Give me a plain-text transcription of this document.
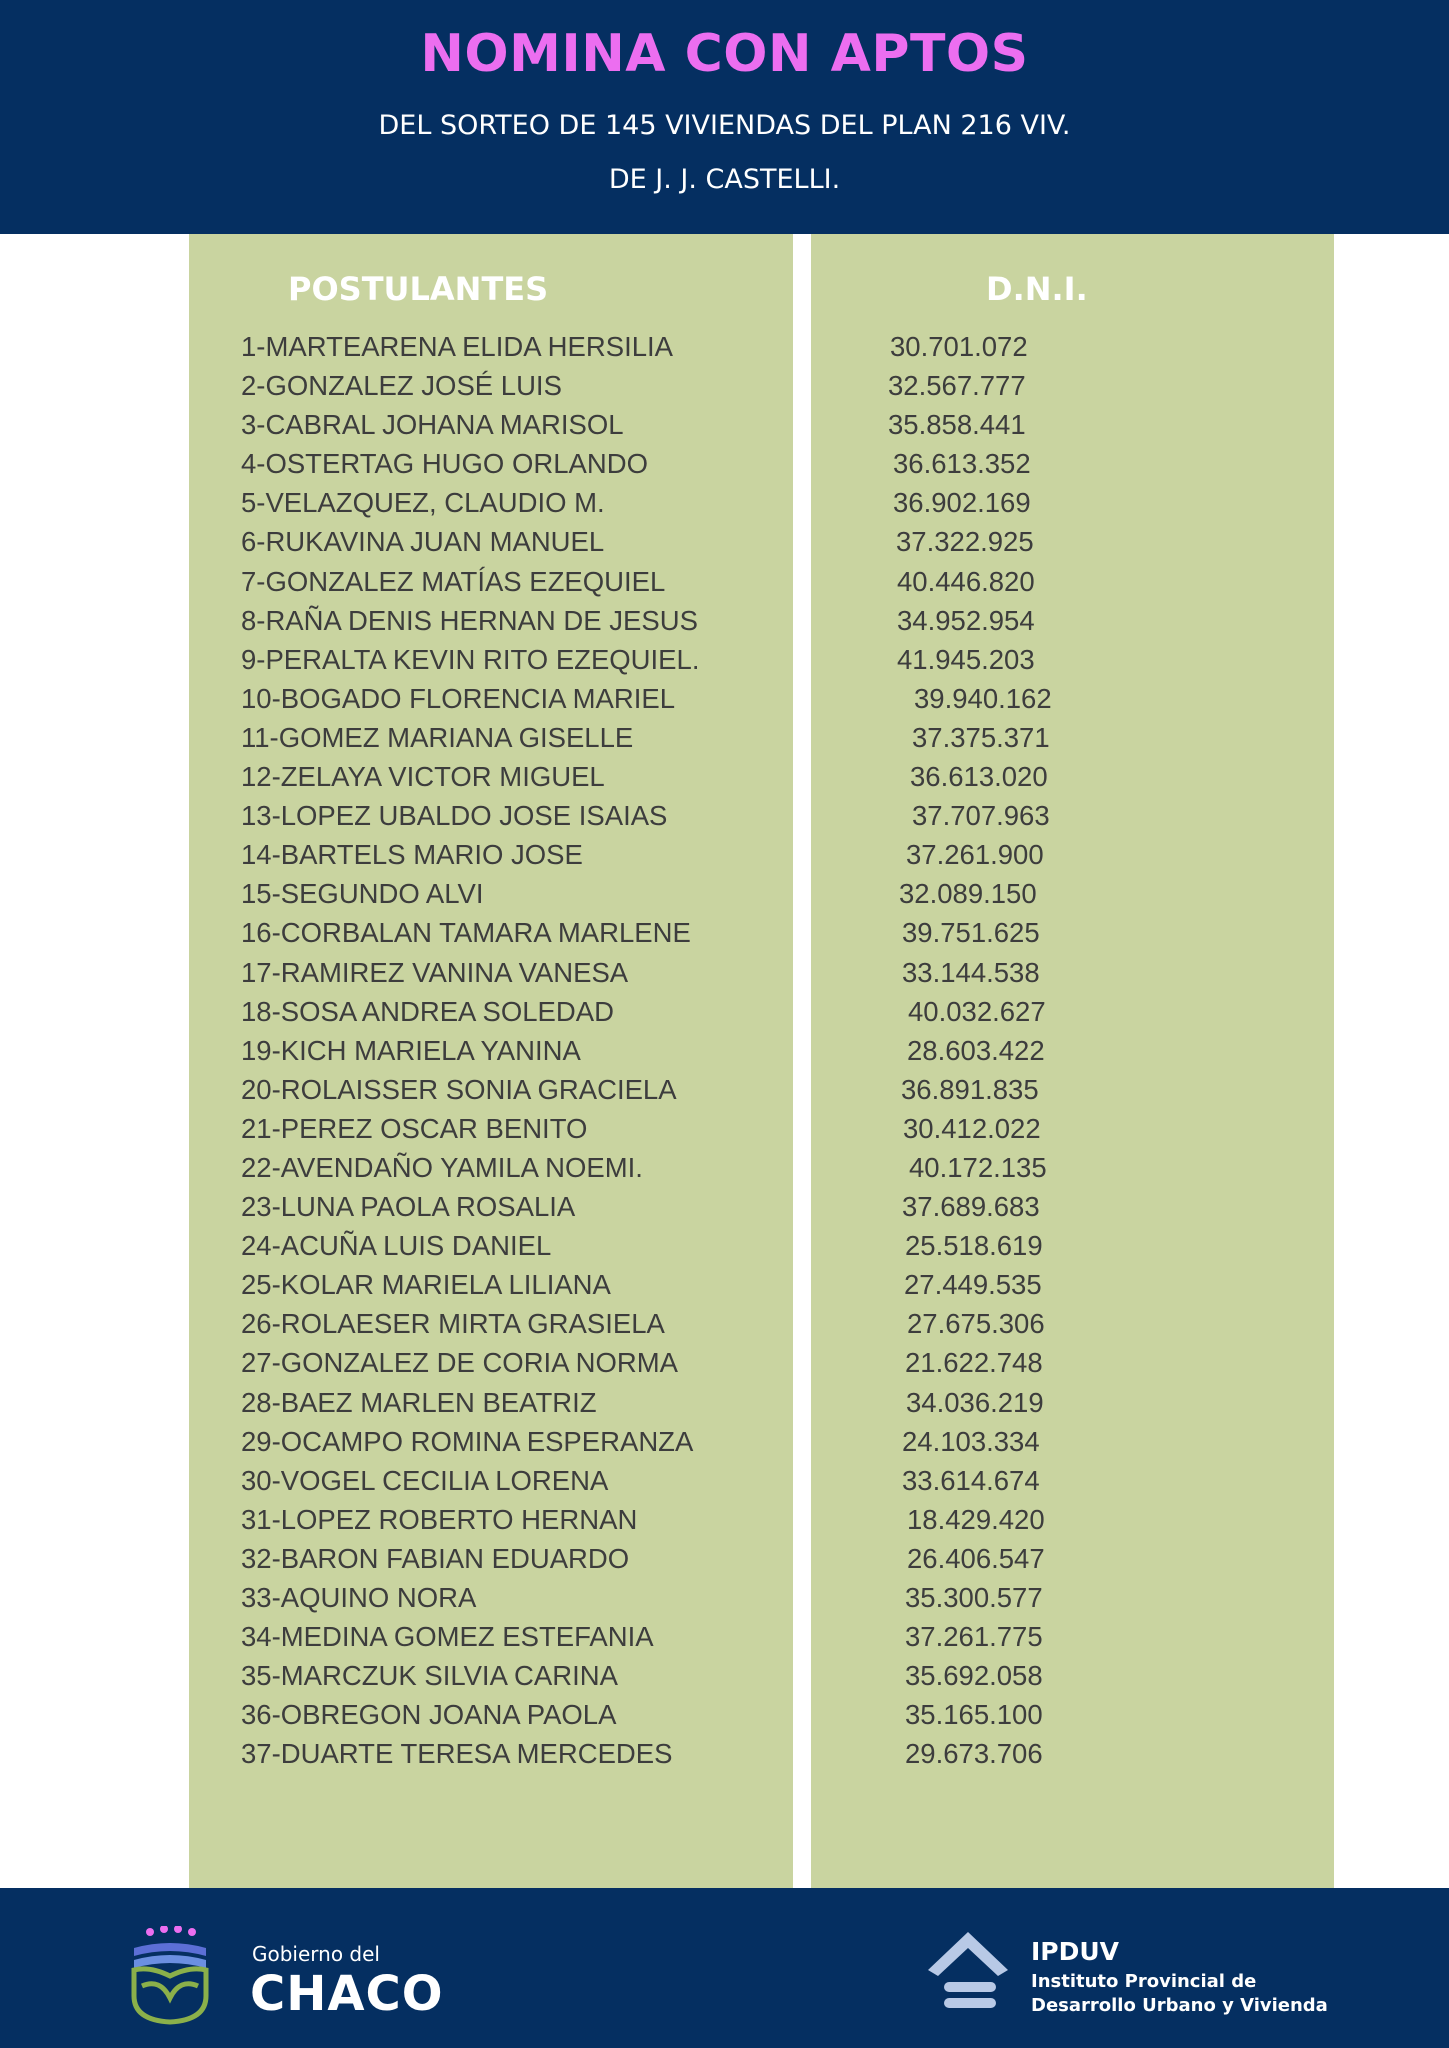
NOMINA CON APTOS
DEL SORTEO DE 145 VIVIENDAS DEL PLAN 216 VIV.
DE J. J. CASTELLI.
POSTULANTES	D.N.I.
1-MARTEARENA ELIDA HERSILIA	30.701.072
2-GONZALEZ JOSÉ LUIS	32.567.777
3-CABRAL JOHANA MARISOL	35.858.441
4-OSTERTAG HUGO ORLANDO	36.613.352
5-VELAZQUEZ, CLAUDIO M.	36.902.169
6-RUKAVINA JUAN MANUEL	37.322.925
7-GONZALEZ MATÍAS EZEQUIEL	40.446.820
8-RAÑA DENIS HERNAN DE JESUS	34.952.954
9-PERALTA KEVIN RITO EZEQUIEL.	41.945.203
10-BOGADO FLORENCIA MARIEL	39.940.162
11-GOMEZ MARIANA GISELLE	37.375.371
12-ZELAYA VICTOR MIGUEL	36.613.020
13-LOPEZ UBALDO JOSE ISAIAS	37.707.963
14-BARTELS MARIO JOSE	37.261.900
15-SEGUNDO ALVI	32.089.150
16-CORBALAN TAMARA MARLENE	39.751.625
17-RAMIREZ VANINA VANESA	33.144.538
18-SOSA ANDREA SOLEDAD	40.032.627
19-KICH MARIELA YANINA	28.603.422
20-ROLAISSER SONIA GRACIELA	36.891.835
21-PEREZ OSCAR BENITO	30.412.022
22-AVENDAÑO YAMILA NOEMI.	40.172.135
23-LUNA PAOLA ROSALIA	37.689.683
24-ACUÑA LUIS DANIEL	25.518.619
25-KOLAR MARIELA LILIANA	27.449.535
26-ROLAESER MIRTA GRASIELA	27.675.306
27-GONZALEZ DE CORIA NORMA	21.622.748
28-BAEZ MARLEN BEATRIZ	34.036.219
29-OCAMPO ROMINA ESPERANZA	24.103.334
30-VOGEL CECILIA LORENA	33.614.674
31-LOPEZ ROBERTO HERNAN	18.429.420
32-BARON FABIAN EDUARDO	26.406.547
33-AQUINO NORA	35.300.577
34-MEDINA GOMEZ ESTEFANIA	37.261.775
35-MARCZUK SILVIA CARINA	35.692.058
36-OBREGON JOANA PAOLA	35.165.100
37-DUARTE TERESA MERCEDES	29.673.706
Gobierno del
CHACO
IPDUV
Instituto Provincial de
Desarrollo Urbano y Vivienda
